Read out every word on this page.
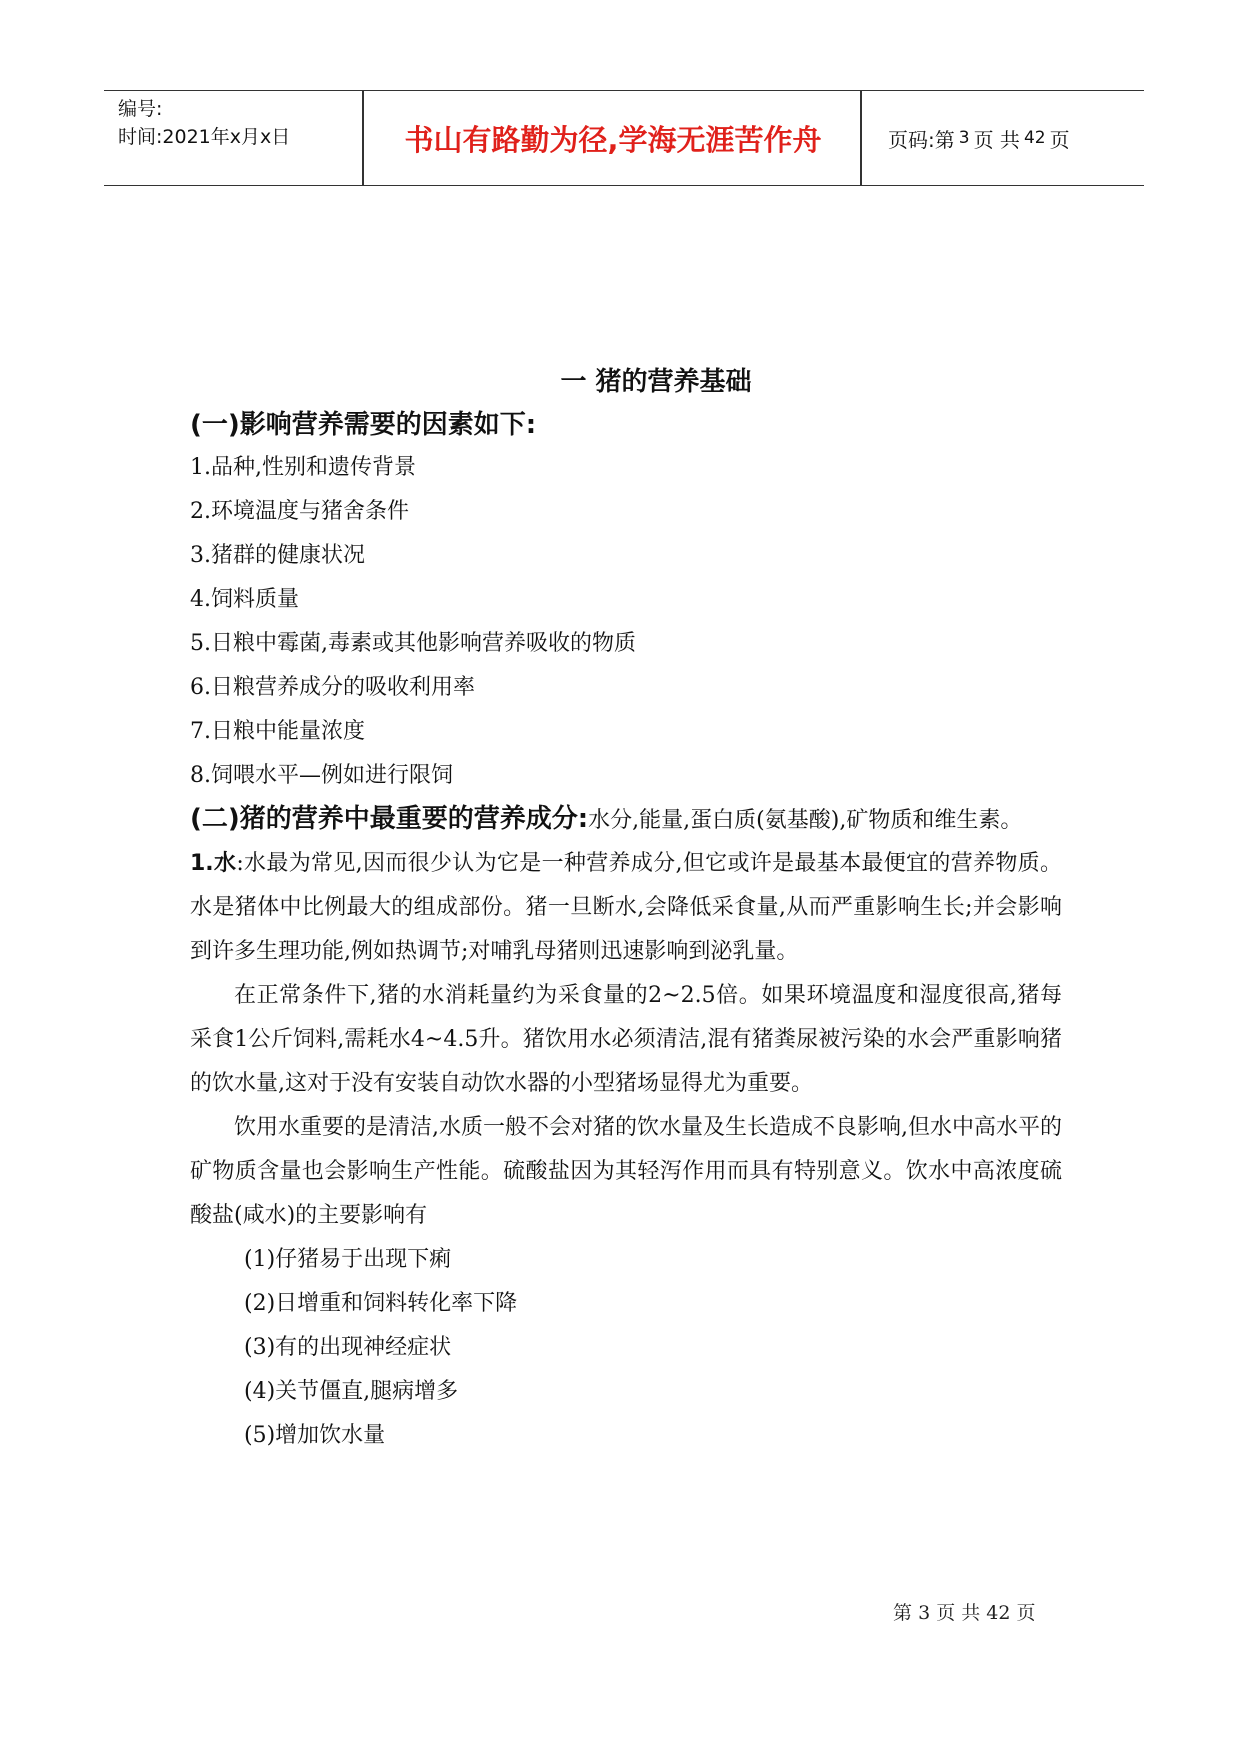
编号:
时间:2021年x月x日	书山有路勤为径,学海无涯苦作舟	页码:第 3 页 共 42 页
一 猪的营养基础
(一)影响营养需要的因素如下:
1.品种,性别和遗传背景
2.环境温度与猪舍条件
3.猪群的健康状况
4.饲料质量
5.日粮中霉菌,毒素或其他影响营养吸收的物质
6.日粮营养成分的吸收利用率
7.日粮中能量浓度
8.饲喂水平—例如进行限饲
(二)猪的营养中最重要的营养成分:水分,能量,蛋白质(氨基酸),矿物质和维生素。
1.水:水最为常见,因而很少认为它是一种营养成分,但它或许是最基本最便宜的营养物质。水是猪体中比例最大的组成部份。猪一旦断水,会降低采食量,从而严重影响生长;并会影响到许多生理功能,例如热调节;对哺乳母猪则迅速影响到泌乳量。
在正常条件下,猪的水消耗量约为采食量的2~2.5倍。如果环境温度和湿度很高,猪每采食1公斤饲料,需耗水4~4.5升。猪饮用水必须清洁,混有猪粪尿被污染的水会严重影响猪的饮水量,这对于没有安装自动饮水器的小型猪场显得尤为重要。
饮用水重要的是清洁,水质一般不会对猪的饮水量及生长造成不良影响,但水中高水平的矿物质含量也会影响生产性能。硫酸盐因为其轻泻作用而具有特别意义。饮水中高浓度硫酸盐(咸水)的主要影响有
(1)仔猪易于出现下痢
(2)日增重和饲料转化率下降
(3)有的出现神经症状
(4)关节僵直,腿病增多
(5)增加饮水量
第 3 页 共 42 页
